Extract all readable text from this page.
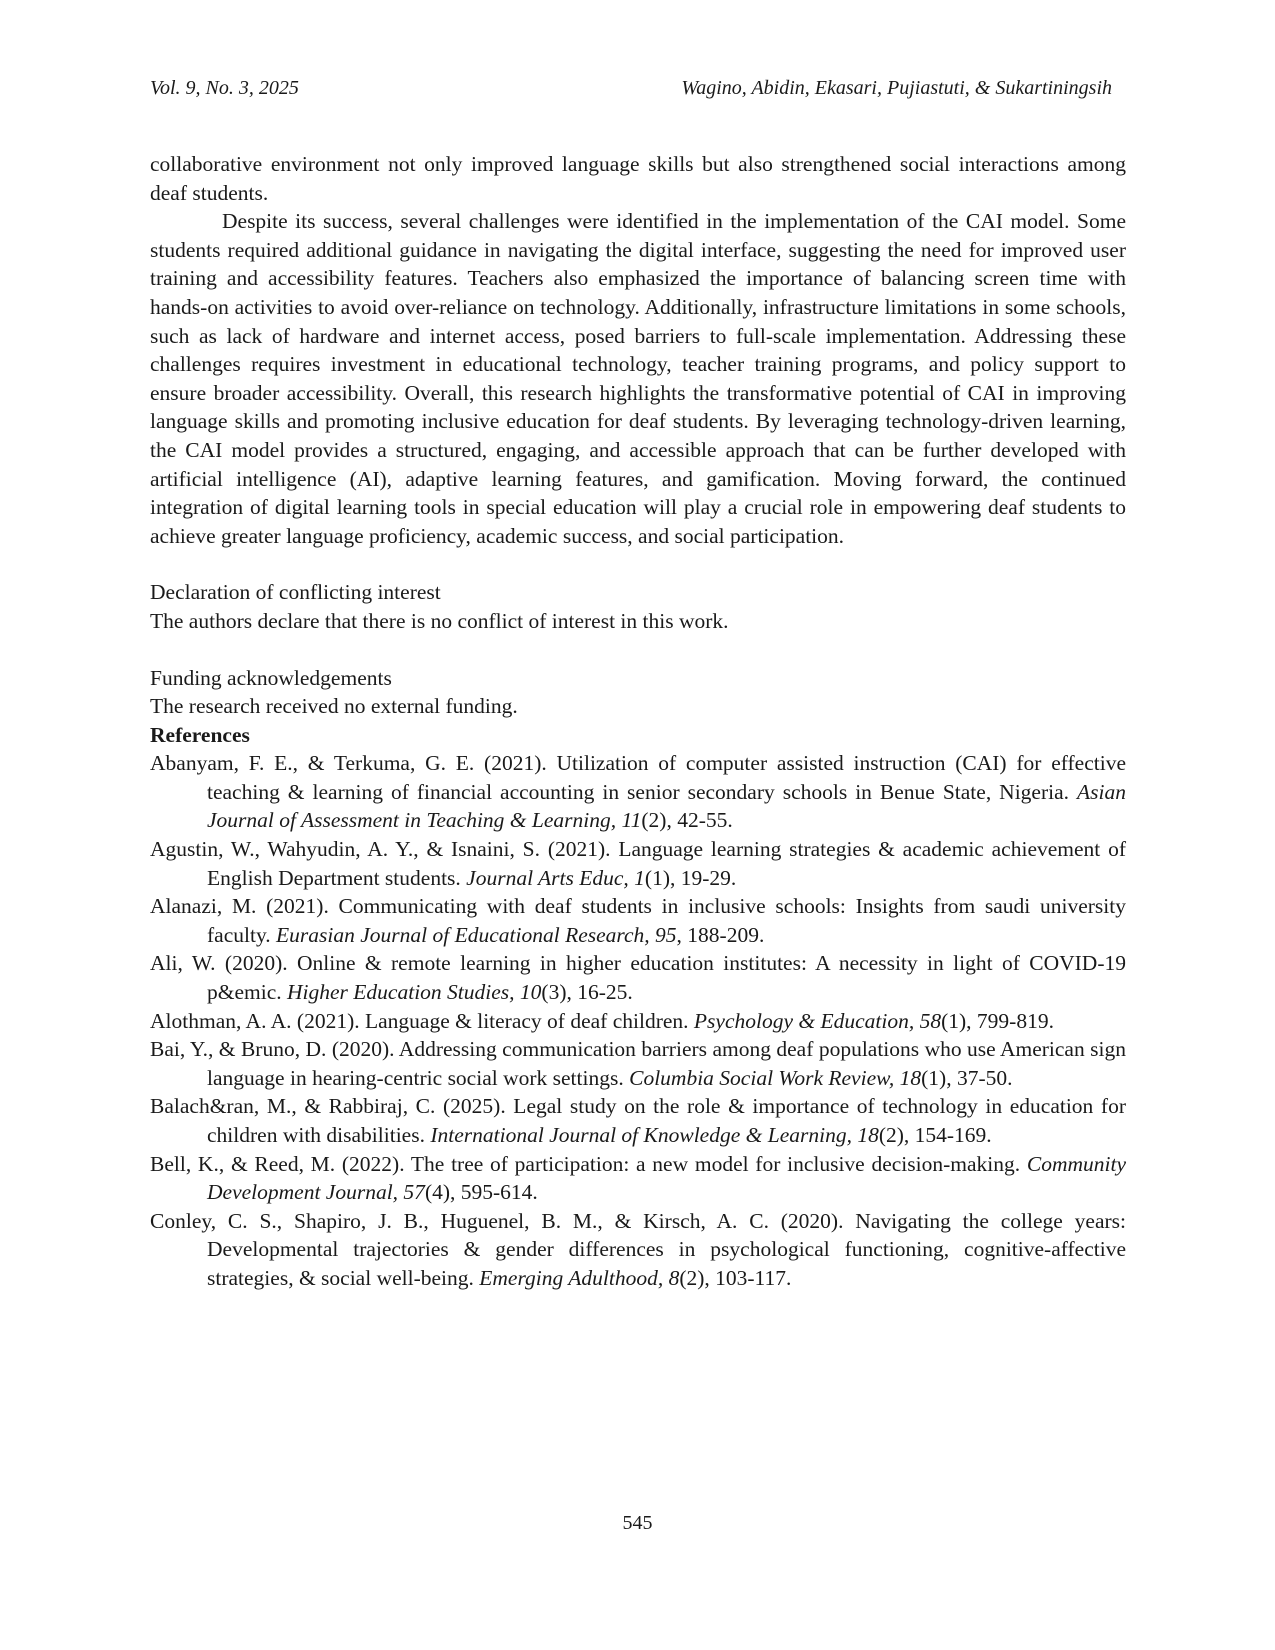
Vol. 9, No. 3, 2025	Wagino, Abidin, Ekasari, Pujiastuti, & Sukartiningsih

collaborative environment not only improved language skills but also strengthened social interactions among deaf students.

Despite its success, several challenges were identified in the implementation of the CAI model. Some students required additional guidance in navigating the digital interface, suggesting the need for improved user training and accessibility features. Teachers also emphasized the importance of balancing screen time with hands-on activities to avoid over-reliance on technology. Additionally, infrastructure limitations in some schools, such as lack of hardware and internet access, posed barriers to full-scale implementation. Addressing these challenges requires investment in educational technology, teacher training programs, and policy support to ensure broader accessibility. Overall, this research highlights the transformative potential of CAI in improving language skills and promoting inclusive education for deaf students. By leveraging technology-driven learning, the CAI model provides a structured, engaging, and accessible approach that can be further developed with artificial intelligence (AI), adaptive learning features, and gamification. Moving forward, the continued integration of digital learning tools in special education will play a crucial role in empowering deaf students to achieve greater language proficiency, academic success, and social participation.

Declaration of conflicting interest

The authors declare that there is no conflict of interest in this work.

Funding acknowledgements

The research received no external funding.

References

Abanyam, F. E., & Terkuma, G. E. (2021). Utilization of computer assisted instruction (CAI) for effective teaching & learning of financial accounting in senior secondary schools in Benue State, Nigeria. Asian Journal of Assessment in Teaching & Learning, 11(2), 42-55.

Agustin, W., Wahyudin, A. Y., & Isnaini, S. (2021). Language learning strategies & academic achievement of English Department students. Journal Arts Educ, 1(1), 19-29.

Alanazi, M. (2021). Communicating with deaf students in inclusive schools: Insights from saudi university faculty. Eurasian Journal of Educational Research, 95, 188-209.

Ali, W. (2020). Online & remote learning in higher education institutes: A necessity in light of COVID-19 p&emic. Higher Education Studies, 10(3), 16-25.

Alothman, A. A. (2021). Language & literacy of deaf children. Psychology & Education, 58(1), 799-819.

Bai, Y., & Bruno, D. (2020). Addressing communication barriers among deaf populations who use American sign language in hearing-centric social work settings. Columbia Social Work Review, 18(1), 37-50.

Balach&ran, M., & Rabbiraj, C. (2025). Legal study on the role & importance of technology in education for children with disabilities. International Journal of Knowledge & Learning, 18(2), 154-169.

Bell, K., & Reed, M. (2022). The tree of participation: a new model for inclusive decision-making. Community Development Journal, 57(4), 595-614.

Conley, C. S., Shapiro, J. B., Huguenel, B. M., & Kirsch, A. C. (2020). Navigating the college years: Developmental trajectories & gender differences in psychological functioning, cognitive-affective strategies, & social well-being. Emerging Adulthood, 8(2), 103-117.

545
